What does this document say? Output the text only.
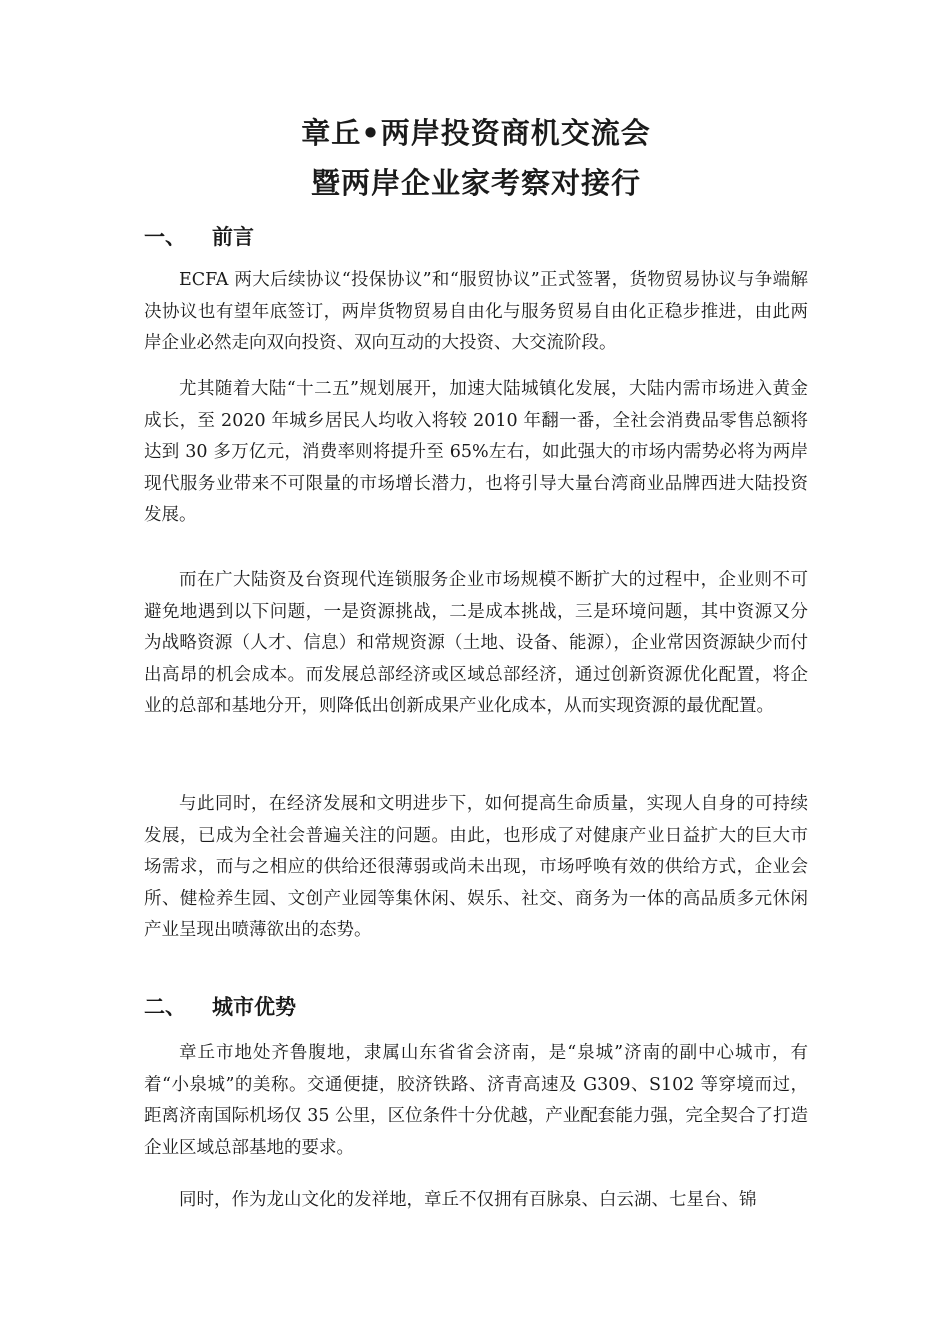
章丘•两岸投资商机交流会
暨两岸企业家考察对接行
一、 前言

ECFA 两大后续协议“投保协议”和“服贸协议”正式签署，货物贸易协议与争端解决协议也有望年底签订，两岸货物贸易自由化与服务贸易自由化正稳步推进，由此两岸企业必然走向双向投资、双向互动的大投资、大交流阶段。

尤其随着大陆“十二五”规划展开，加速大陆城镇化发展，大陆内需市场进入黄金成长，至 2020 年城乡居民人均收入将较 2010 年翻一番，全社会消费品零售总额将达到 30 多万亿元，消费率则将提升至 65%左右，如此强大的市场内需势必将为两岸现代服务业带来不可限量的市场增长潜力，也将引导大量台湾商业品牌西进大陆投资发展。

而在广大陆资及台资现代连锁服务企业市场规模不断扩大的过程中，企业则不可避免地遇到以下问题，一是资源挑战，二是成本挑战，三是环境问题，其中资源又分为战略资源（人才、信息）和常规资源（土地、设备、能源），企业常因资源缺少而付出高昂的机会成本。而发展总部经济或区域总部经济，通过创新资源优化配置，将企业的总部和基地分开，则降低出创新成果产业化成本，从而实现资源的最优配置。

与此同时，在经济发展和文明进步下，如何提高生命质量，实现人自身的可持续发展，已成为全社会普遍关注的问题。由此，也形成了对健康产业日益扩大的巨大市场需求，而与之相应的供给还很薄弱或尚未出现，市场呼唤有效的供给方式，企业会所、健检养生园、文创产业园等集休闲、娱乐、社交、商务为一体的高品质多元休闲产业呈现出喷薄欲出的态势。

二、 城市优势

章丘市地处齐鲁腹地，隶属山东省省会济南，是“泉城”济南的副中心城市，有着“小泉城”的美称。交通便捷，胶济铁路、济青高速及 G309、S102 等穿境而过，距离济南国际机场仅 35 公里，区位条件十分优越，产业配套能力强，完全契合了打造企业区域总部基地的要求。

同时，作为龙山文化的发祥地，章丘不仅拥有百脉泉、白云湖、七星台、锦
